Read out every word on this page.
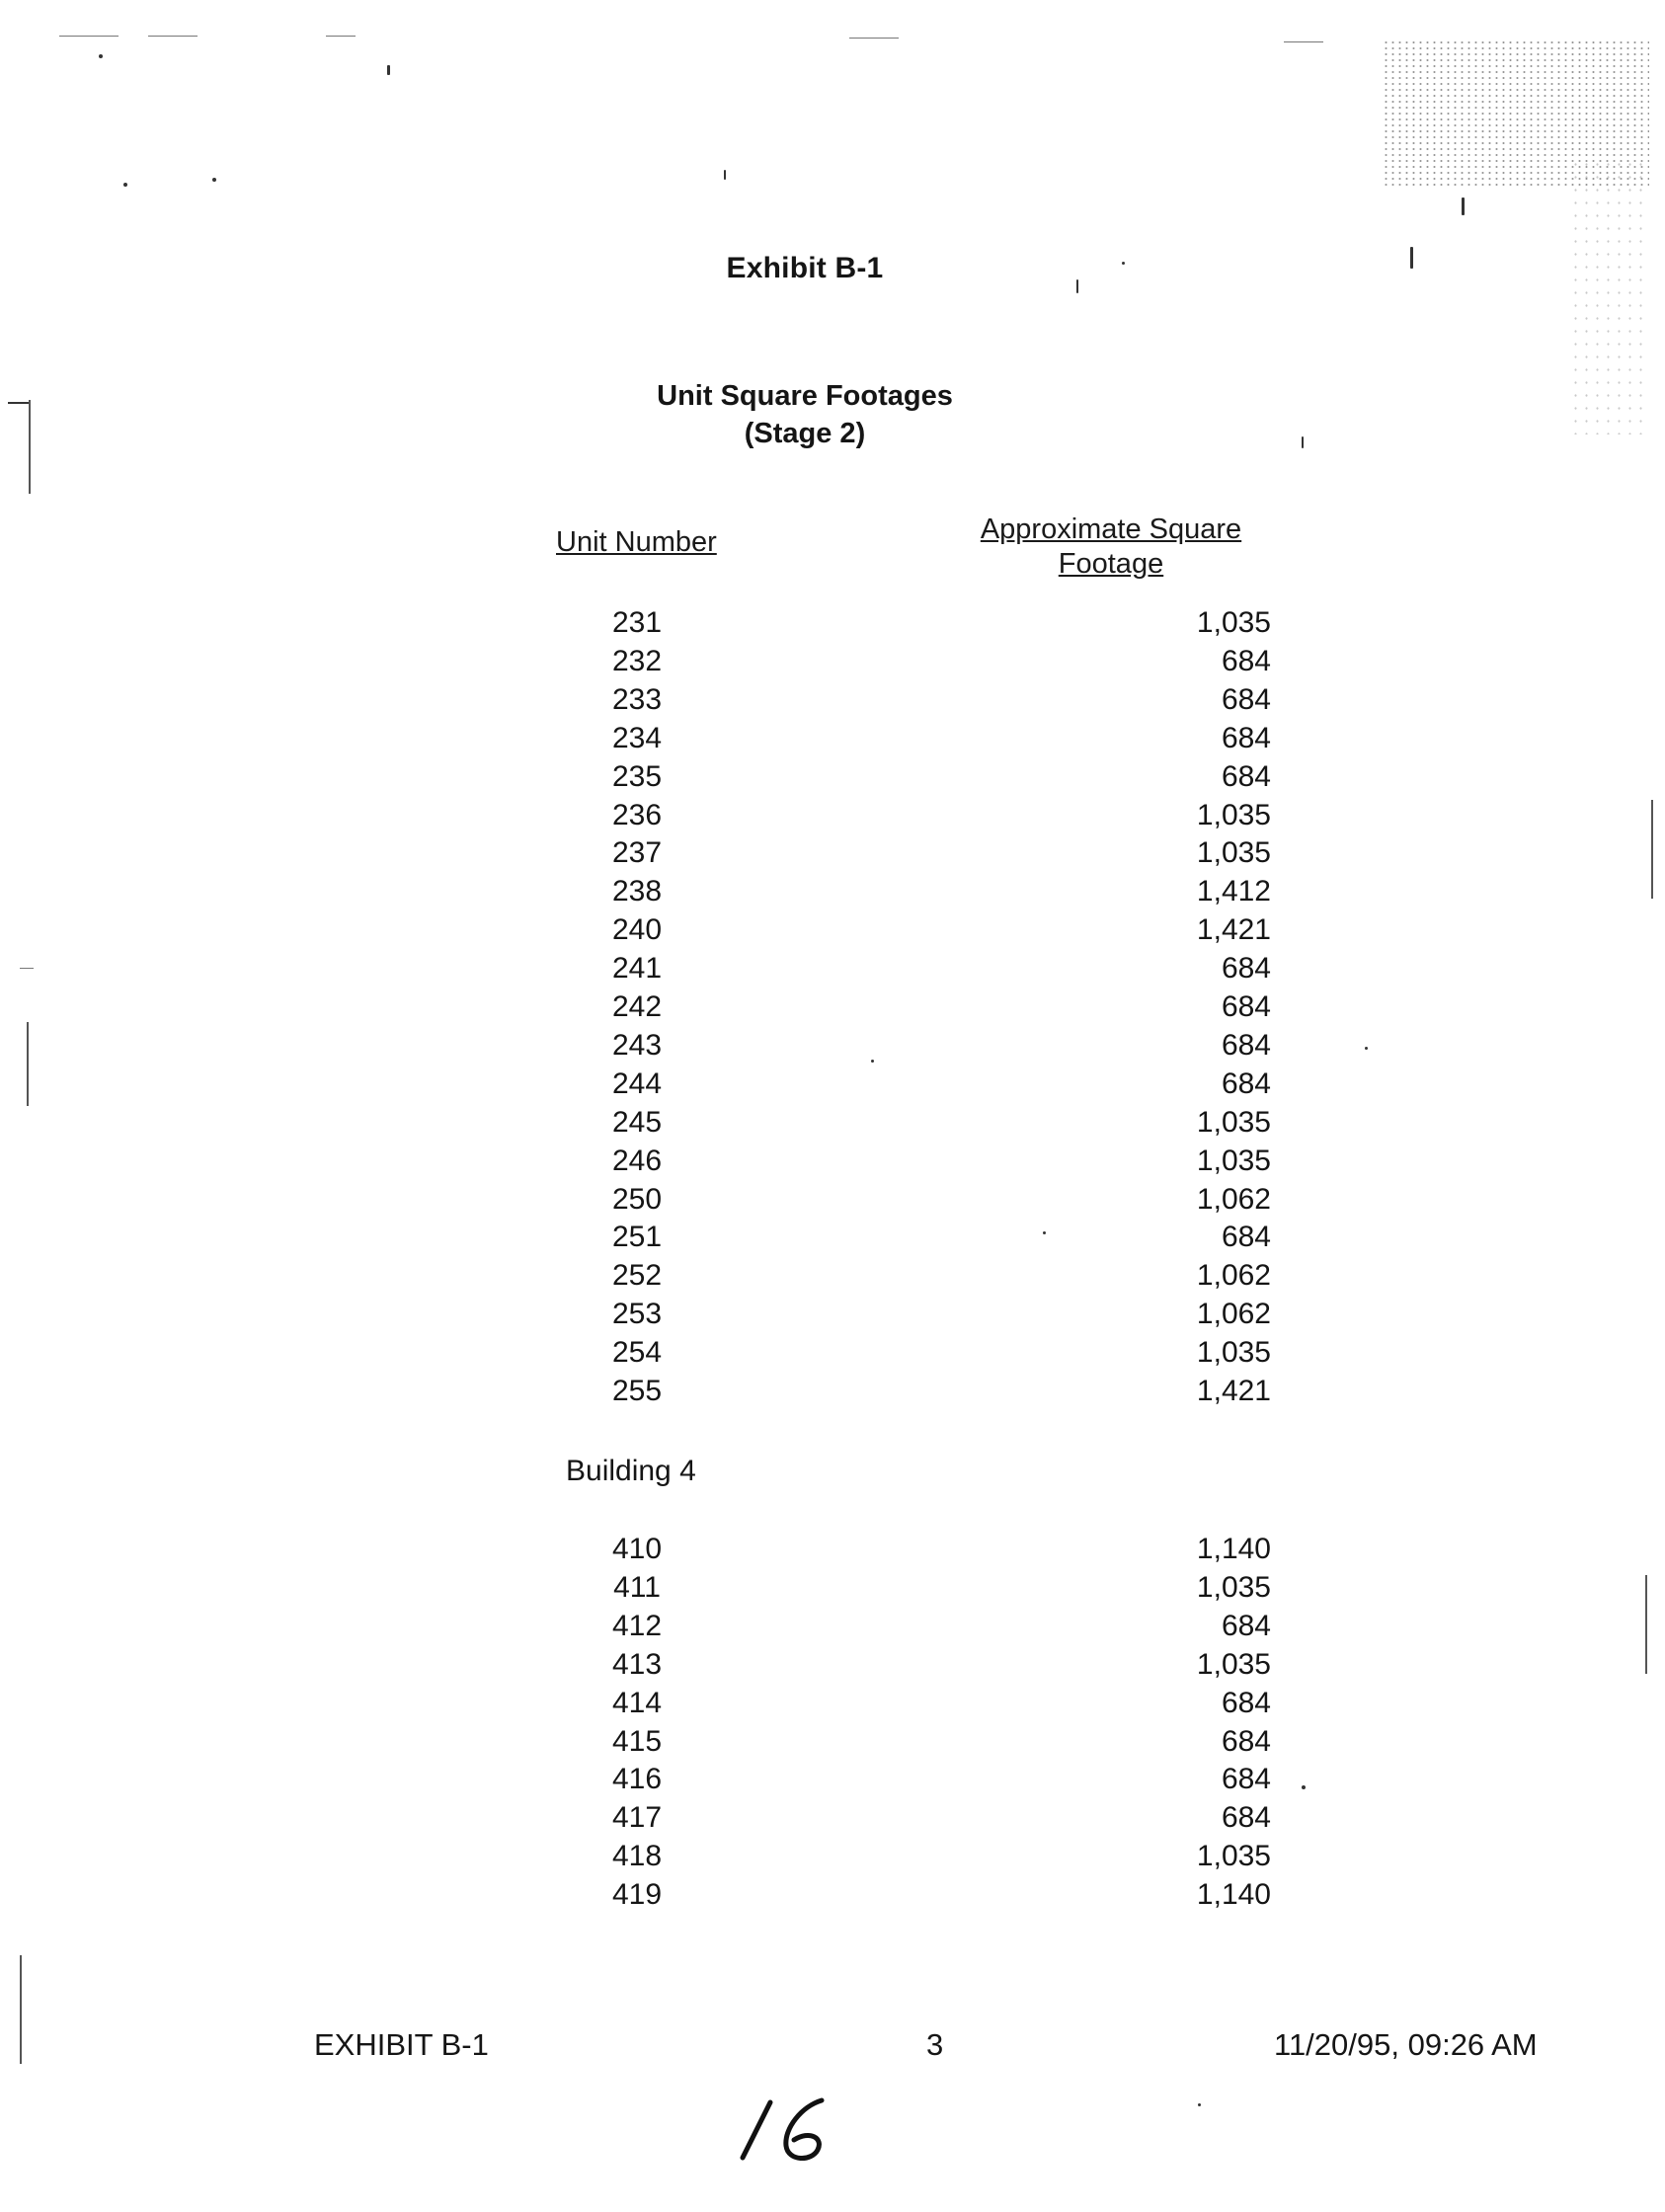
Exhibit B-1
Unit Square Footages
(Stage 2)
Unit Number	Approximate Square
Footage
231	1,035
232	684
233	684
234	684
235	684
236	1,035
237	1,035
238	1,412
240	1,421
241	684
242	684
243	684
244	684
245	1,035
246	1,035
250	1,062
251	684
252	1,062
253	1,062
254	1,035
255	1,421
Building 4
410	1,140
411	1,035
412	684
413	1,035
414	684
415	684
416	684
417	684
418	1,035
419	1,140
EXHIBIT B-1	3	11/20/95, 09:26 AM
